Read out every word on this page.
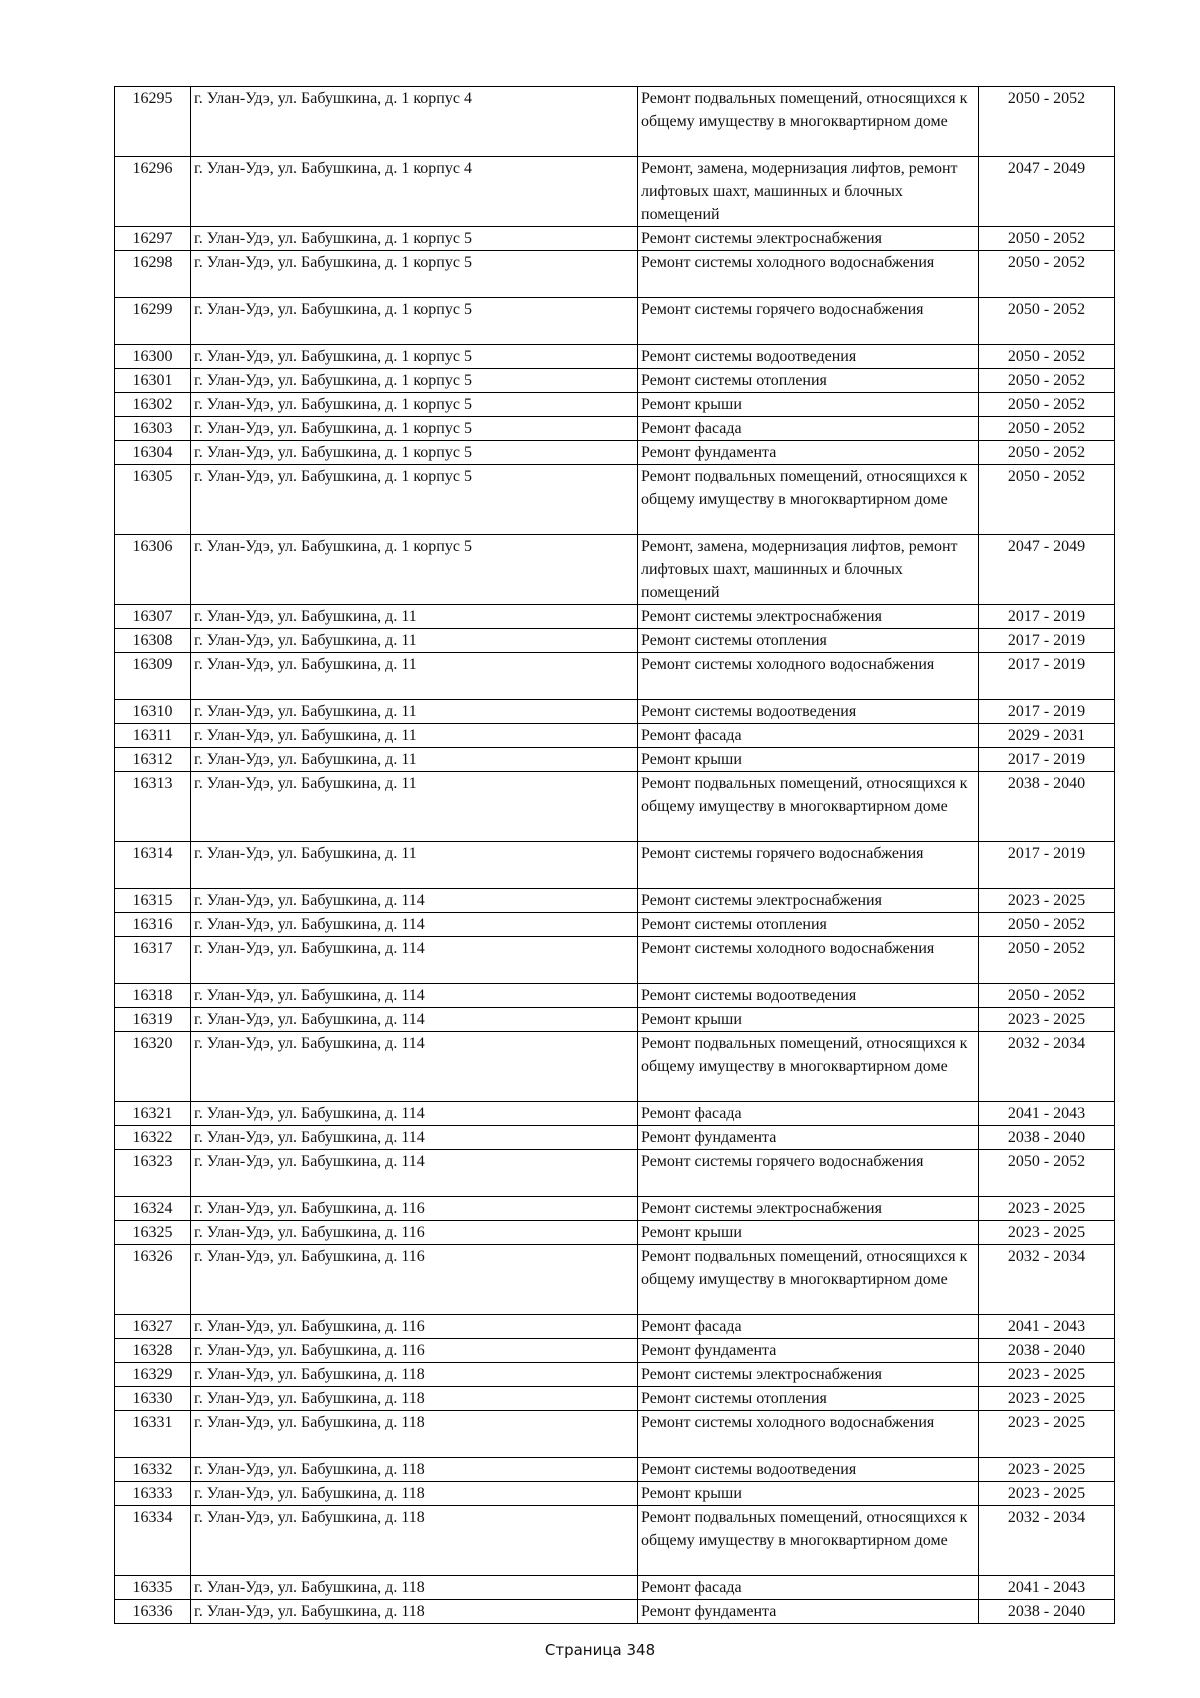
16295	г. Улан-Удэ, ул. Бабушкина, д. 1 корпус 4	Ремонт подвальных помещений, относящихся к общему имуществу в многоквартирном доме	2050 - 2052
16296	г. Улан-Удэ, ул. Бабушкина, д. 1 корпус 4	Ремонт, замена, модернизация лифтов, ремонт лифтовых шахт, машинных и блочных помещений	2047 - 2049
16297	г. Улан-Удэ, ул. Бабушкина, д. 1 корпус 5	Ремонт системы электроснабжения	2050 - 2052
16298	г. Улан-Удэ, ул. Бабушкина, д. 1 корпус 5	Ремонт системы холодного водоснабжения	2050 - 2052
16299	г. Улан-Удэ, ул. Бабушкина, д. 1 корпус 5	Ремонт системы горячего водоснабжения	2050 - 2052
16300	г. Улан-Удэ, ул. Бабушкина, д. 1 корпус 5	Ремонт системы водоотведения	2050 - 2052
16301	г. Улан-Удэ, ул. Бабушкина, д. 1 корпус 5	Ремонт системы отопления	2050 - 2052
16302	г. Улан-Удэ, ул. Бабушкина, д. 1 корпус 5	Ремонт крыши	2050 - 2052
16303	г. Улан-Удэ, ул. Бабушкина, д. 1 корпус 5	Ремонт фасада	2050 - 2052
16304	г. Улан-Удэ, ул. Бабушкина, д. 1 корпус 5	Ремонт фундамента	2050 - 2052
16305	г. Улан-Удэ, ул. Бабушкина, д. 1 корпус 5	Ремонт подвальных помещений, относящихся к общему имуществу в многоквартирном доме	2050 - 2052
16306	г. Улан-Удэ, ул. Бабушкина, д. 1 корпус 5	Ремонт, замена, модернизация лифтов, ремонт лифтовых шахт, машинных и блочных помещений	2047 - 2049
16307	г. Улан-Удэ, ул. Бабушкина, д. 11	Ремонт системы электроснабжения	2017 - 2019
16308	г. Улан-Удэ, ул. Бабушкина, д. 11	Ремонт системы отопления	2017 - 2019
16309	г. Улан-Удэ, ул. Бабушкина, д. 11	Ремонт системы холодного водоснабжения	2017 - 2019
16310	г. Улан-Удэ, ул. Бабушкина, д. 11	Ремонт системы водоотведения	2017 - 2019
16311	г. Улан-Удэ, ул. Бабушкина, д. 11	Ремонт фасада	2029 - 2031
16312	г. Улан-Удэ, ул. Бабушкина, д. 11	Ремонт крыши	2017 - 2019
16313	г. Улан-Удэ, ул. Бабушкина, д. 11	Ремонт подвальных помещений, относящихся к общему имуществу в многоквартирном доме	2038 - 2040
16314	г. Улан-Удэ, ул. Бабушкина, д. 11	Ремонт системы горячего водоснабжения	2017 - 2019
16315	г. Улан-Удэ, ул. Бабушкина, д. 114	Ремонт системы электроснабжения	2023 - 2025
16316	г. Улан-Удэ, ул. Бабушкина, д. 114	Ремонт системы отопления	2050 - 2052
16317	г. Улан-Удэ, ул. Бабушкина, д. 114	Ремонт системы холодного водоснабжения	2050 - 2052
16318	г. Улан-Удэ, ул. Бабушкина, д. 114	Ремонт системы водоотведения	2050 - 2052
16319	г. Улан-Удэ, ул. Бабушкина, д. 114	Ремонт крыши	2023 - 2025
16320	г. Улан-Удэ, ул. Бабушкина, д. 114	Ремонт подвальных помещений, относящихся к общему имуществу в многоквартирном доме	2032 - 2034
16321	г. Улан-Удэ, ул. Бабушкина, д. 114	Ремонт фасада	2041 - 2043
16322	г. Улан-Удэ, ул. Бабушкина, д. 114	Ремонт фундамента	2038 - 2040
16323	г. Улан-Удэ, ул. Бабушкина, д. 114	Ремонт системы горячего водоснабжения	2050 - 2052
16324	г. Улан-Удэ, ул. Бабушкина, д. 116	Ремонт системы электроснабжения	2023 - 2025
16325	г. Улан-Удэ, ул. Бабушкина, д. 116	Ремонт крыши	2023 - 2025
16326	г. Улан-Удэ, ул. Бабушкина, д. 116	Ремонт подвальных помещений, относящихся к общему имуществу в многоквартирном доме	2032 - 2034
16327	г. Улан-Удэ, ул. Бабушкина, д. 116	Ремонт фасада	2041 - 2043
16328	г. Улан-Удэ, ул. Бабушкина, д. 116	Ремонт фундамента	2038 - 2040
16329	г. Улан-Удэ, ул. Бабушкина, д. 118	Ремонт системы электроснабжения	2023 - 2025
16330	г. Улан-Удэ, ул. Бабушкина, д. 118	Ремонт системы отопления	2023 - 2025
16331	г. Улан-Удэ, ул. Бабушкина, д. 118	Ремонт системы холодного водоснабжения	2023 - 2025
16332	г. Улан-Удэ, ул. Бабушкина, д. 118	Ремонт системы водоотведения	2023 - 2025
16333	г. Улан-Удэ, ул. Бабушкина, д. 118	Ремонт крыши	2023 - 2025
16334	г. Улан-Удэ, ул. Бабушкина, д. 118	Ремонт подвальных помещений, относящихся к общему имуществу в многоквартирном доме	2032 - 2034
16335	г. Улан-Удэ, ул. Бабушкина, д. 118	Ремонт фасада	2041 - 2043
16336	г. Улан-Удэ, ул. Бабушкина, д. 118	Ремонт фундамента	2038 - 2040
Страница 348
